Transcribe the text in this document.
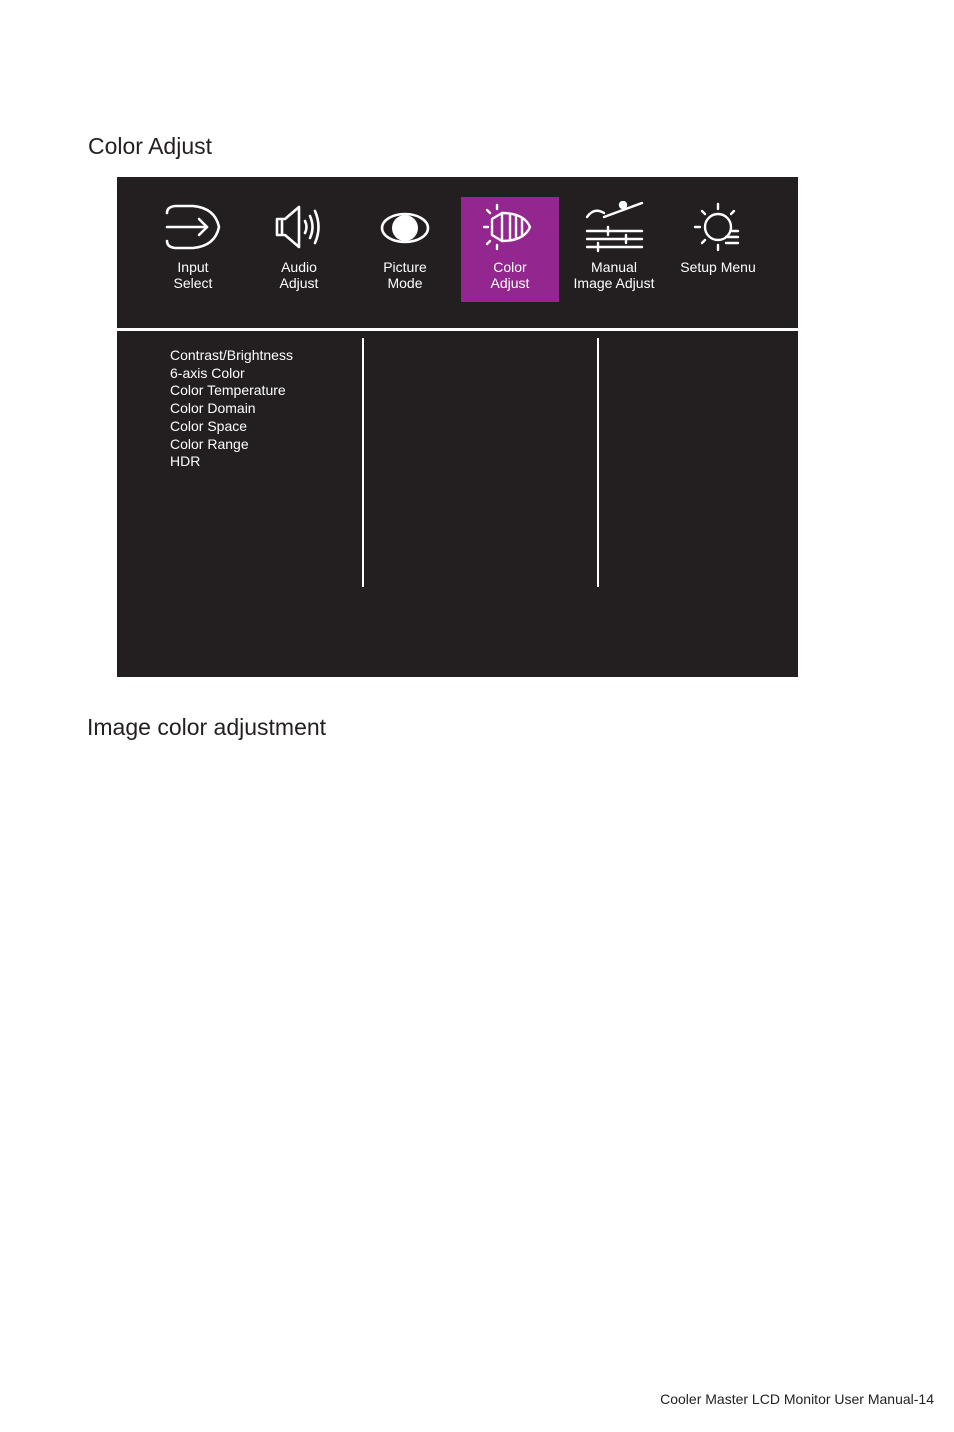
Color Adjust
Input
Select
Audio
Adjust
Picture
Mode
Color
Adjust
Manual
Image Adjust
Setup Menu
Contrast/Brightness
6-axis Color
Color Temperature
Color Domain
Color Space
Color Range
HDR
Image color adjustment
Cooler Master LCD Monitor User Manual-14
